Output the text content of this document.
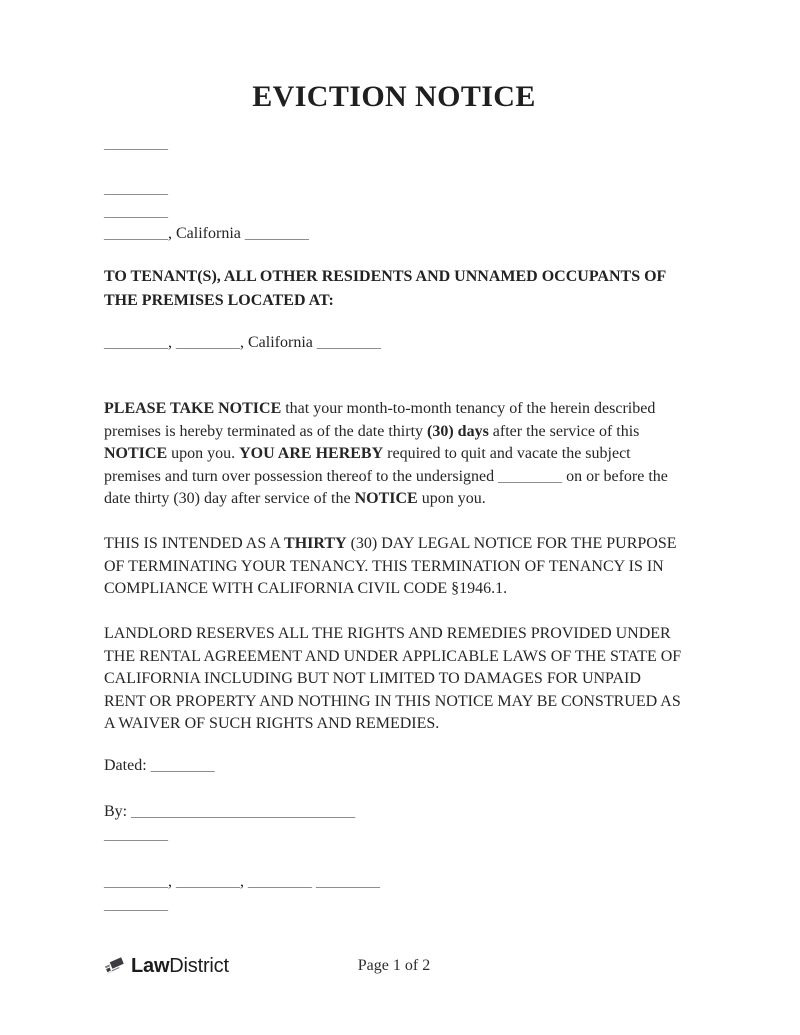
EVICTION NOTICE

________

________

________

________, California ________

TO TENANT(S), ALL OTHER RESIDENTS AND UNNAMED OCCUPANTS OF THE PREMISES LOCATED AT:

________, ________, California ________

PLEASE TAKE NOTICE that your month-to-month tenancy of the herein described premises is hereby terminated as of the date thirty (30) days after the service of this NOTICE upon you. YOU ARE HEREBY required to quit and vacate the subject premises and turn over possession thereof to the undersigned ________ on or before the date thirty (30) day after service of the NOTICE upon you.

THIS IS INTENDED AS A THIRTY (30) DAY LEGAL NOTICE FOR THE PURPOSE OF TERMINATING YOUR TENANCY. THIS TERMINATION OF TENANCY IS IN COMPLIANCE WITH CALIFORNIA CIVIL CODE §1946.1.

LANDLORD RESERVES ALL THE RIGHTS AND REMEDIES PROVIDED UNDER THE RENTAL AGREEMENT AND UNDER APPLICABLE LAWS OF THE STATE OF CALIFORNIA INCLUDING BUT NOT LIMITED TO DAMAGES FOR UNPAID RENT OR PROPERTY AND NOTHING IN THIS NOTICE MAY BE CONSTRUED AS A WAIVER OF SUCH RIGHTS AND REMEDIES.

Dated: ________

By: ____________________________

________

________, ________, ________ ________

________

LawDistrict	Page 1 of 2
